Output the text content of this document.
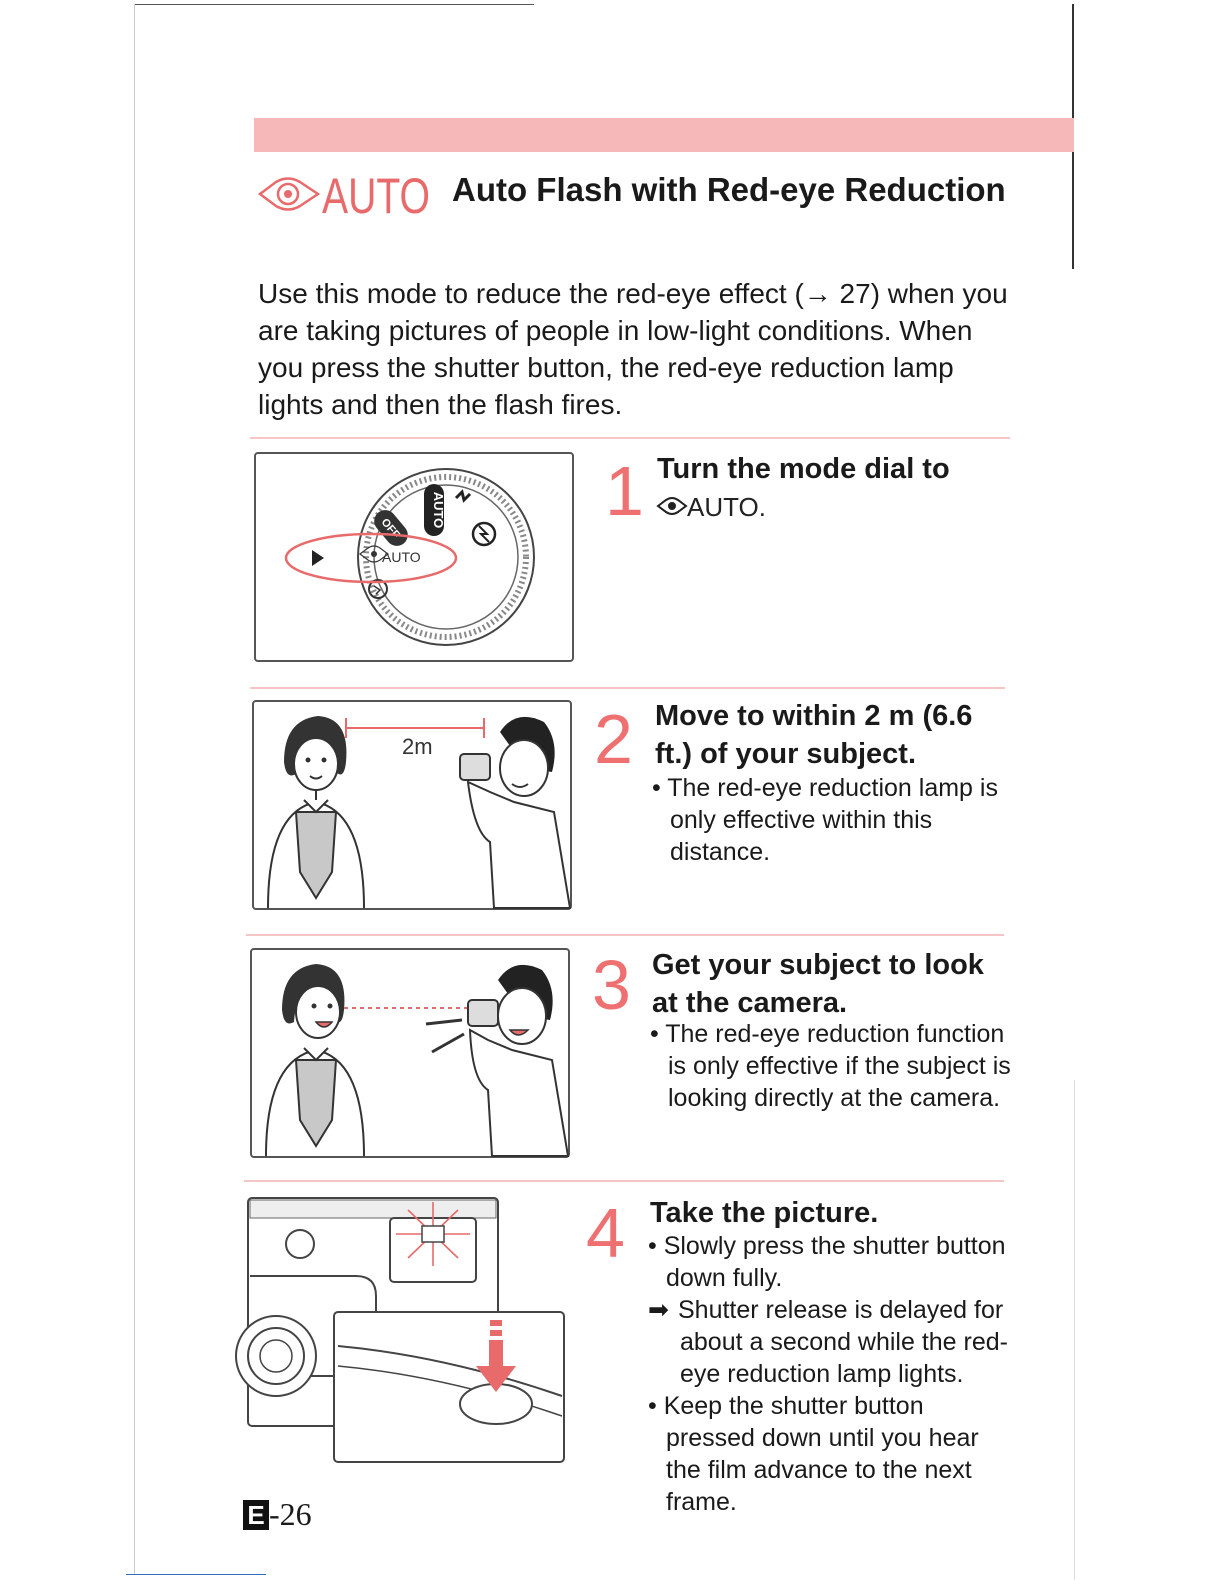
AUTO Auto Flash with Red-eye Reduction
Use this mode to reduce the red-eye effect (→ 27) when you are taking pictures of people in low-light conditions. When you press the shutter button, the red-eye reduction lamp lights and then the flash fires.
AUTO
OFF
AUTO
1 Turn the mode dial to
AUTO.
2m 2 Move to within 2 m (6.6 ft.) of your subject.
• The red-eye reduction lamp is only effective within this distance.
3 Get your subject to look at the camera.
• The red-eye reduction function is only effective if the subject is looking directly at the camera.
4 Take the picture.
• Slowly press the shutter button down fully.
➡ Shutter release is delayed for about a second while the red-eye reduction lamp lights.
• Keep the shutter button pressed down until you hear the film advance to the next frame.
E -26
